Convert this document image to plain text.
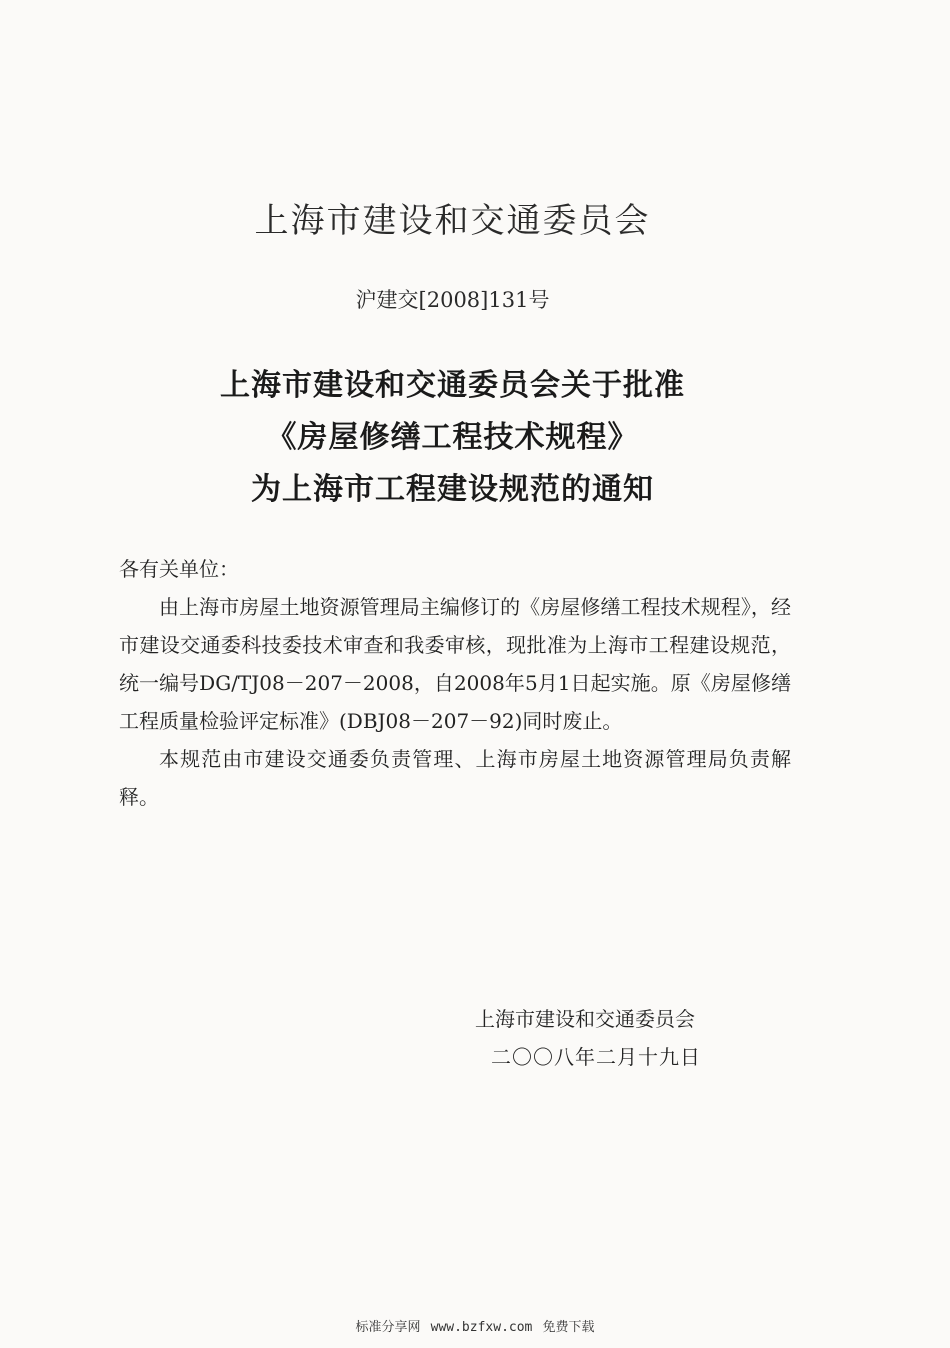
上海市建设和交通委员会
沪建交[2008]131号
上海市建设和交通委员会关于批准
《房屋修缮工程技术规程》
为上海市工程建设规范的通知

各有关单位：

由上海市房屋土地资源管理局主编修订的《房屋修缮工程技术规程》，经市建设交通委科技委技术审查和我委审核，现批准为上海市工程建设规范，统一编号DG/TJ08－207－2008，自2008年5月1日起实施。原《房屋修缮工程质量检验评定标准》(DBJ08－207－92)同时废止。

本规范由市建设交通委负责管理、上海市房屋土地资源管理局负责解释。

上海市建设和交通委员会
二〇〇八年二月十九日
标准分享网 www.bzfxw.com 免费下载
